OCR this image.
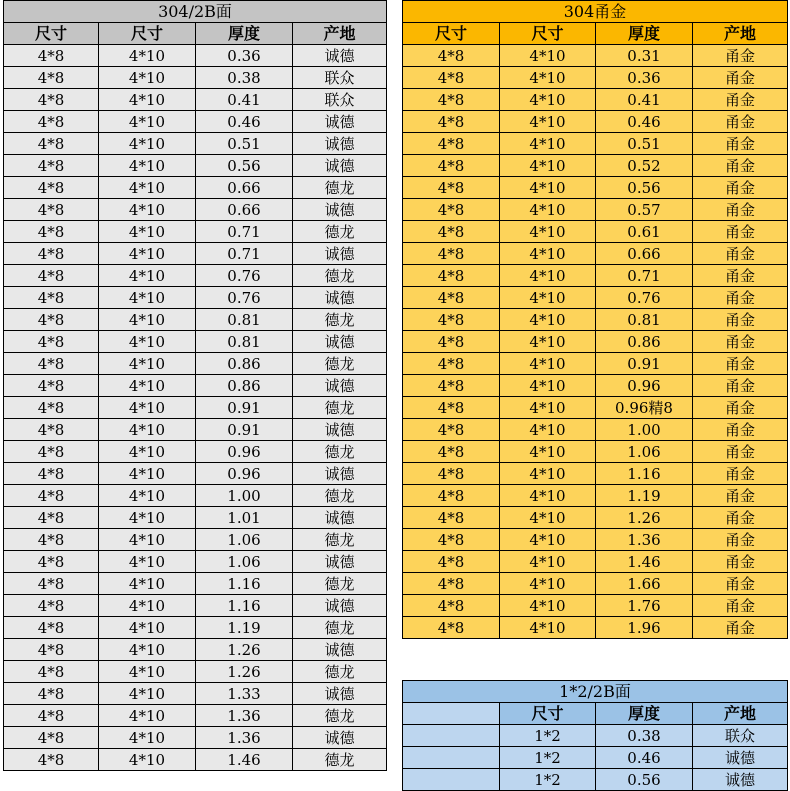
304/2B面			
尺寸	尺寸	厚度	产地
4*8	4*10	0.36	诚德
4*8	4*10	0.38	联众
4*8	4*10	0.41	联众
4*8	4*10	0.46	诚德
4*8	4*10	0.51	诚德
4*8	4*10	0.56	诚德
4*8	4*10	0.66	德龙
4*8	4*10	0.66	诚德
4*8	4*10	0.71	德龙
4*8	4*10	0.71	诚德
4*8	4*10	0.76	德龙
4*8	4*10	0.76	诚德
4*8	4*10	0.81	德龙
4*8	4*10	0.81	诚德
4*8	4*10	0.86	德龙
4*8	4*10	0.86	诚德
4*8	4*10	0.91	德龙
4*8	4*10	0.91	诚德
4*8	4*10	0.96	德龙
4*8	4*10	0.96	诚德
4*8	4*10	1.00	德龙
4*8	4*10	1.01	诚德
4*8	4*10	1.06	德龙
4*8	4*10	1.06	诚德
4*8	4*10	1.16	德龙
4*8	4*10	1.16	诚德
4*8	4*10	1.19	德龙
4*8	4*10	1.26	诚德
4*8	4*10	1.26	德龙
4*8	4*10	1.33	诚德
4*8	4*10	1.36	德龙
4*8	4*10	1.36	诚德
4*8	4*10	1.46	德龙
304甬金			
尺寸	尺寸	厚度	产地
4*8	4*10	0.31	甬金
4*8	4*10	0.36	甬金
4*8	4*10	0.41	甬金
4*8	4*10	0.46	甬金
4*8	4*10	0.51	甬金
4*8	4*10	0.52	甬金
4*8	4*10	0.56	甬金
4*8	4*10	0.57	甬金
4*8	4*10	0.61	甬金
4*8	4*10	0.66	甬金
4*8	4*10	0.71	甬金
4*8	4*10	0.76	甬金
4*8	4*10	0.81	甬金
4*8	4*10	0.86	甬金
4*8	4*10	0.91	甬金
4*8	4*10	0.96	甬金
4*8	4*10	0.96精8	甬金
4*8	4*10	1.00	甬金
4*8	4*10	1.06	甬金
4*8	4*10	1.16	甬金
4*8	4*10	1.19	甬金
4*8	4*10	1.26	甬金
4*8	4*10	1.36	甬金
4*8	4*10	1.46	甬金
4*8	4*10	1.66	甬金
4*8	4*10	1.76	甬金
4*8	4*10	1.96	甬金
1*2/2B面			
	尺寸	厚度	产地
	1*2	0.38	联众
	1*2	0.46	诚德
	1*2	0.56	诚德
